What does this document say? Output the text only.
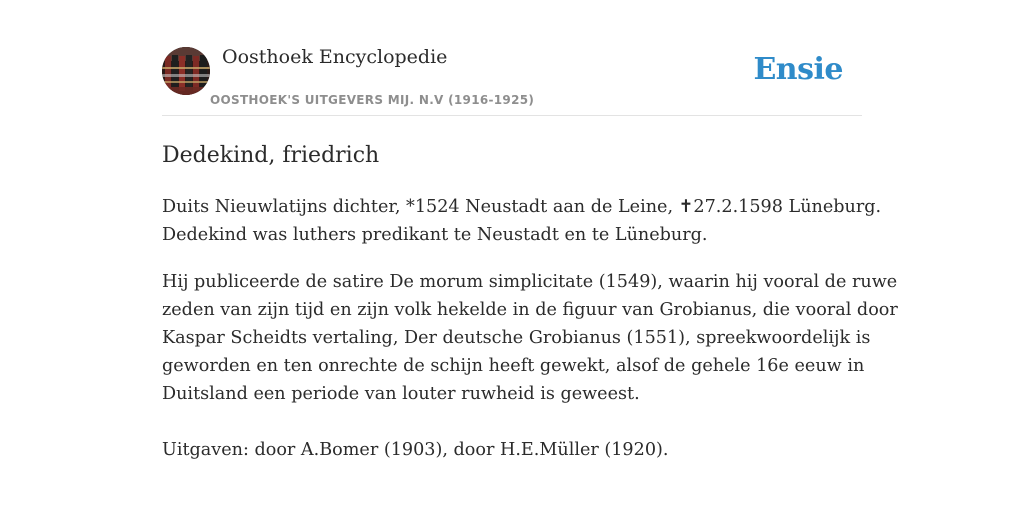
Oosthoek Encyclopedie
OOSTHOEK'S UITGEVERS MIJ. N.V (1916-1925)
Ensie
Dedekind, friedrich

Duits Nieuwlatijns dichter, *1524 Neustadt aan de Leine, ✝27.2.1598 Lüneburg.
Dedekind was luthers predikant te Neustadt en te Lüneburg.

Hij publiceerde de satire De morum simplicitate (1549), waarin hij vooral de ruwe
zeden van zijn tijd en zijn volk hekelde in de figuur van Grobianus, die vooral door
Kaspar Scheidts vertaling, Der deutsche Grobianus (1551), spreekwoordelijk is
geworden en ten onrechte de schijn heeft gewekt, alsof de gehele 16e eeuw in
Duitsland een periode van louter ruwheid is geweest.

Uitgaven: door A.Bomer (1903), door H.E.Müller (1920).
